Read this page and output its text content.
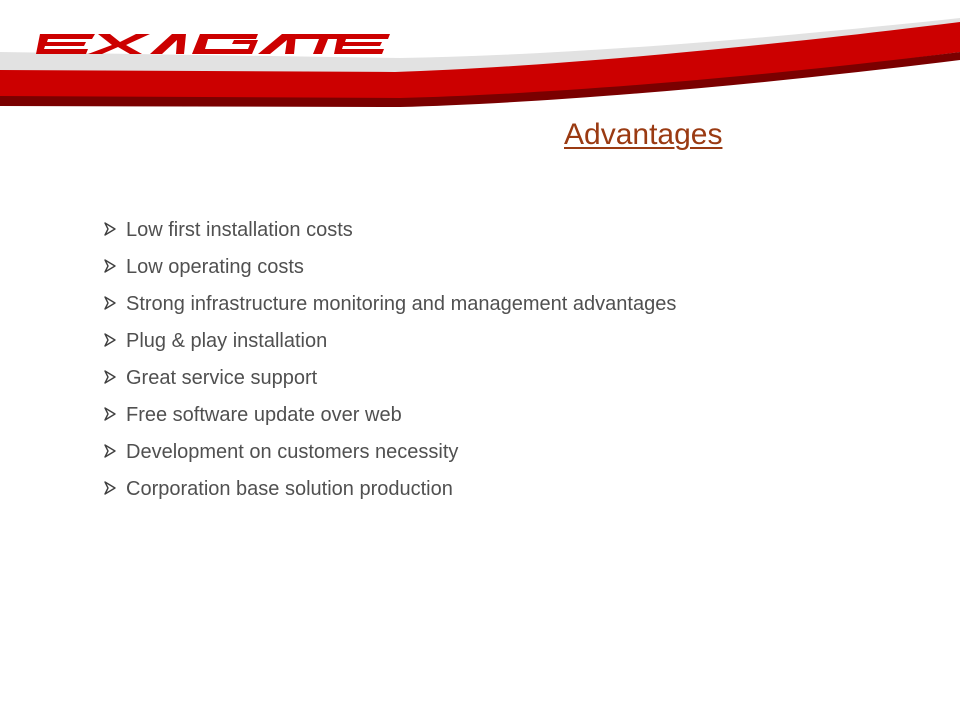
Advantages
Low first installation costs
Low operating costs
Strong infrastructure monitoring and management advantages
Plug & play installation
Great service support
Free software update over web
Development on customers necessity
Corporation base solution production
